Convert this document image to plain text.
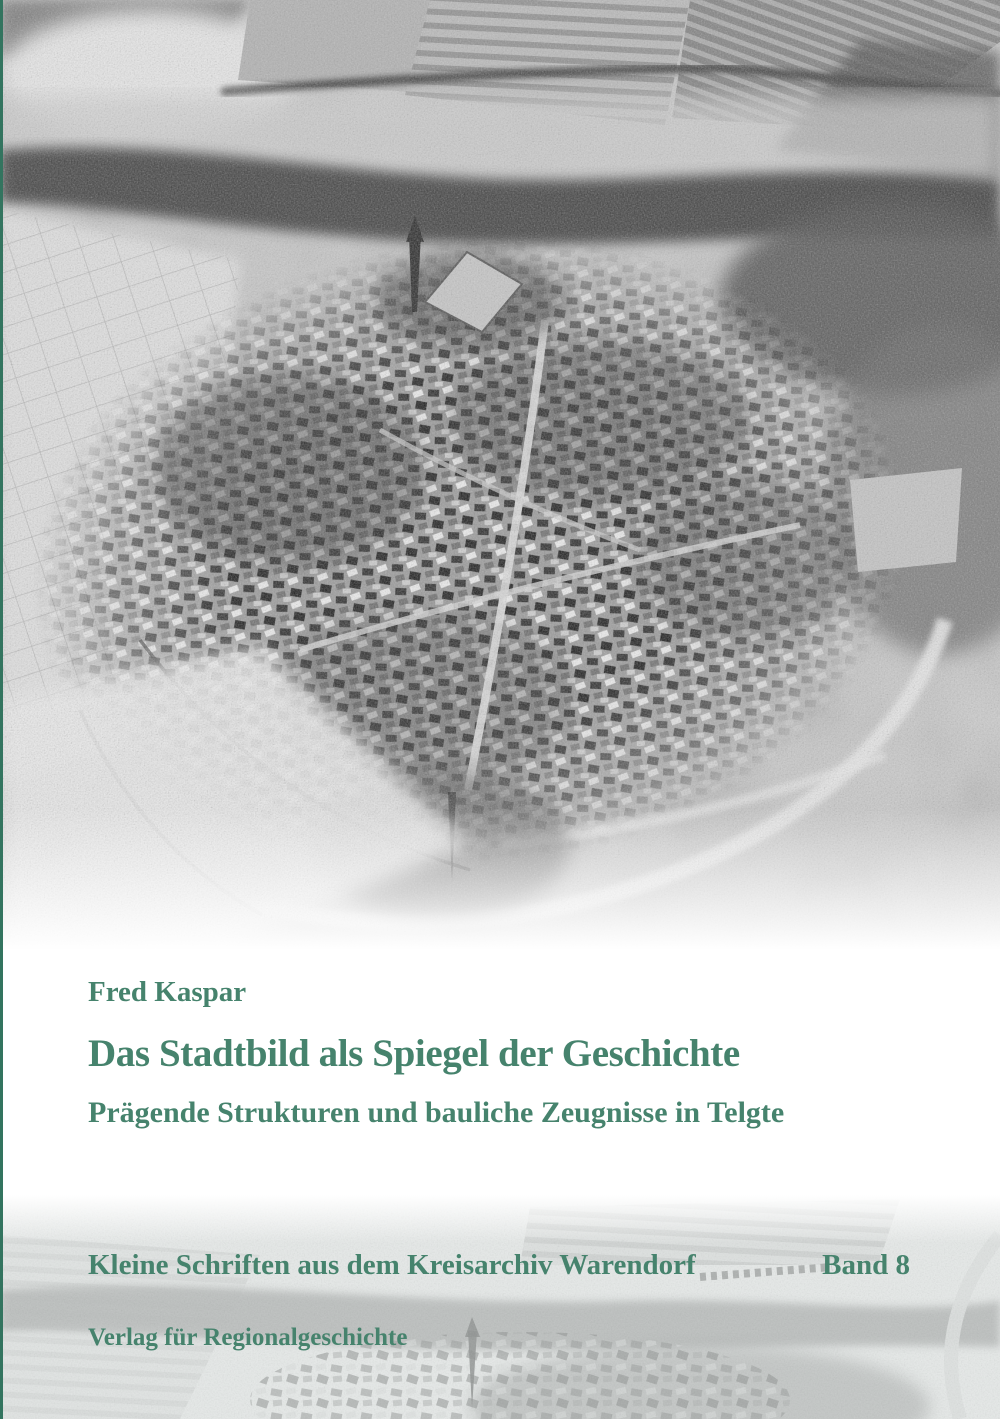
Fred Kaspar
Das Stadtbild als Spiegel der Geschichte
Prägende Strukturen und bauliche Zeugnisse in Telgte
Kleine Schriften aus dem Kreisarchiv Warendorf	Band 8
Verlag für Regionalgeschichte
